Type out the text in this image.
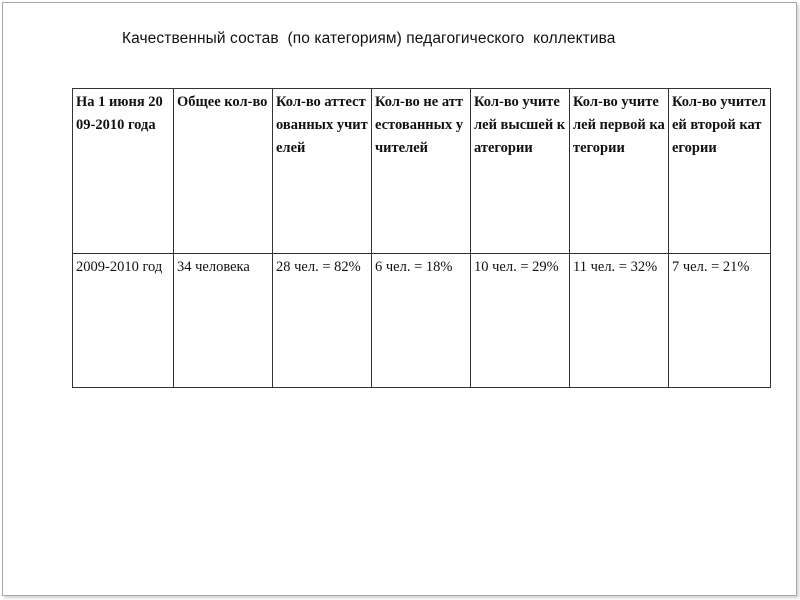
Качественный состав  (по категориям) педагогического  коллектива
На 1 июня 2009-2010 года	Общее кол-во	Кол-во аттестованных учителей	Кол-во не аттестованных учителей	Кол-во учителей высшей категории	Кол-во учителей первой категории	Кол-во учителей второй категории
2009-2010 год	34 человека	28 чел. = 82%	6 чел. = 18%	10 чел. = 29%	11 чел. = 32%	7 чел. = 21%
